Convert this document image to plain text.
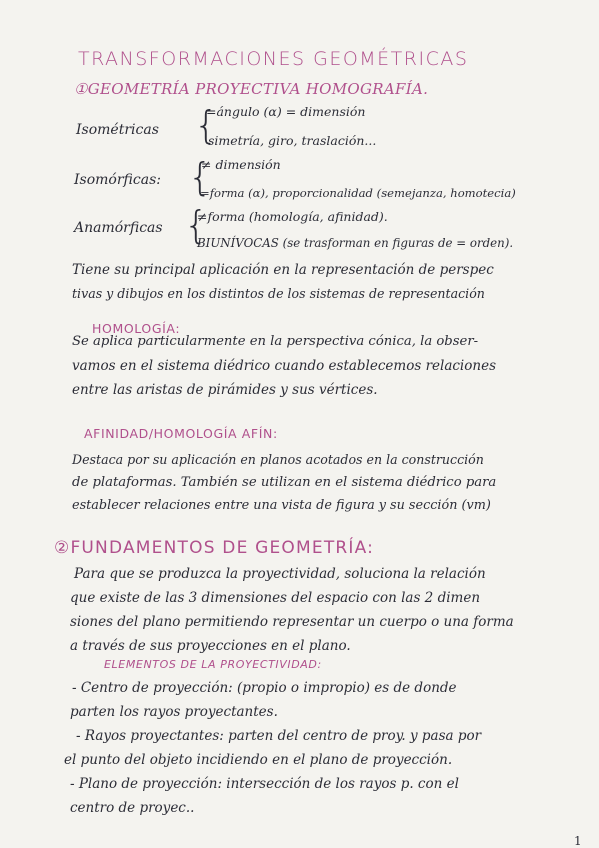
TRANSFORMACIONES GEOMÉTRICAS
①GEOMETRÍA PROYECTIVA HOMOGRAFÍA.
Isométricas {
=ángulo (α) = dimensión
simetría, giro, traslación...
Isomórficas: {
≠ dimensión
=forma (α), proporcionalidad (semejanza, homotecia)
Anamórficas {
≠forma (homología, afinidad).
BIUNÍVOCAS (se trasforman en figuras de = orden).
Tiene su principal aplicación en la representación de perspec
tivas y dibujos en los distintos de los sistemas de representación
HOMOLOGÍA:
Se aplica particularmente en la perspectiva cónica, la obser-
vamos en el sistema diédrico cuando establecemos relaciones
entre las aristas de pirámides y sus vértices.
AFINIDAD/HOMOLOGÍA AFÍN:
Destaca por su aplicación en planos acotados en la construcción
de plataformas. También se utilizan en el sistema diédrico para
establecer relaciones entre una vista de figura y su sección (vm)
②FUNDAMENTOS DE GEOMETRÍA:
Para que se produzca la proyectividad, soluciona la relación
que existe de las 3 dimensiones del espacio con las 2 dimen
siones del plano permitiendo representar un cuerpo o una forma
a través de sus proyecciones en el plano.
ELEMENTOS DE LA PROYECTIVIDAD:
- Centro de proyección: (propio o impropio) es de donde
parten los rayos proyectantes.
- Rayos proyectantes: parten del centro de proy. y pasa por
el punto del objeto incidiendo en el plano de proyección.
- Plano de proyección: intersección de los rayos p. con el
centro de proyec..
1
